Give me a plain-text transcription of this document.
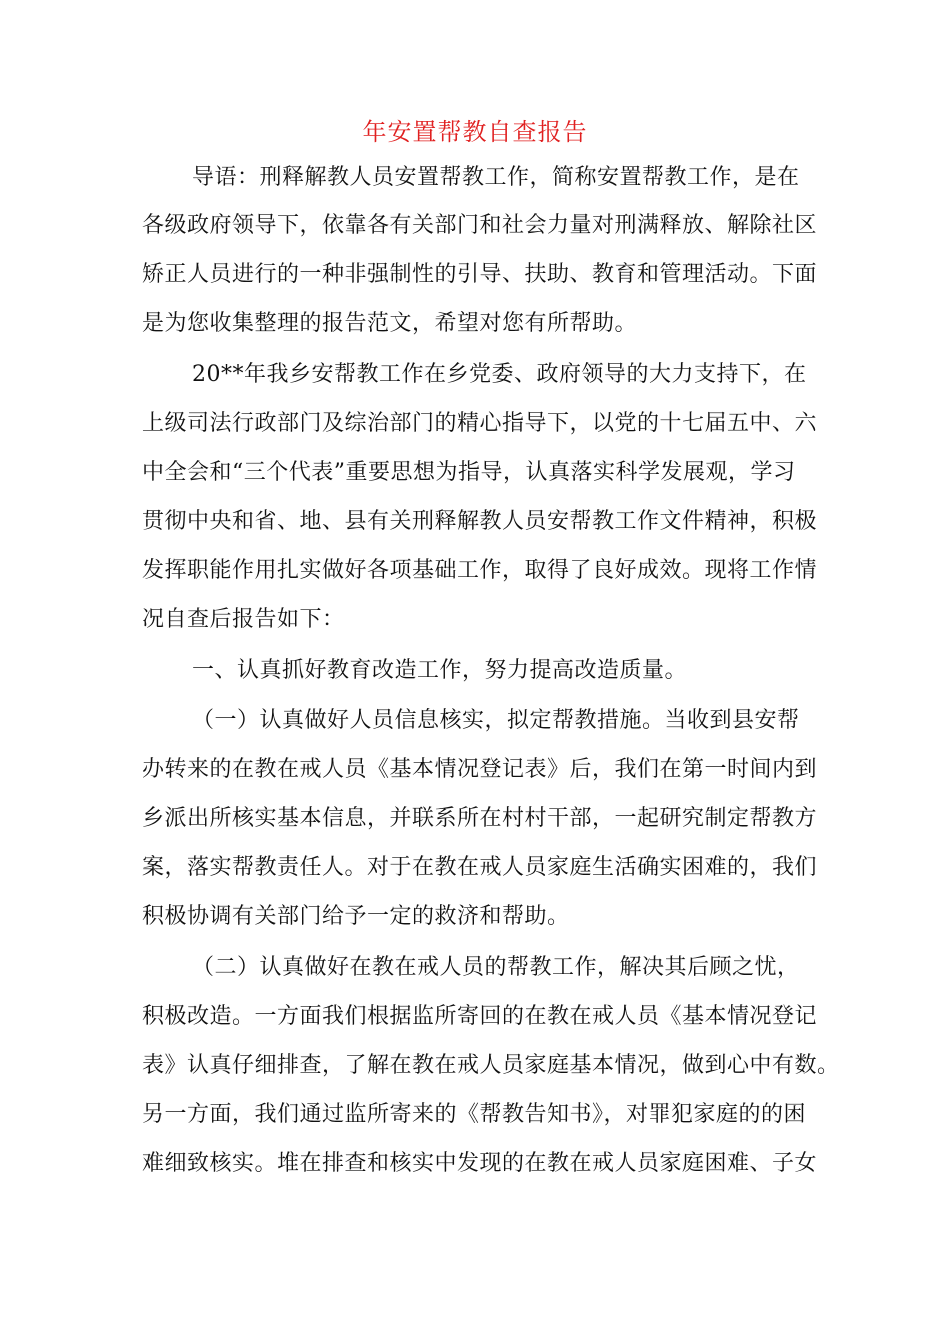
年安置帮教自查报告
导语：刑释解教人员安置帮教工作，简称安置帮教工作，是在
各级政府领导下，依靠各有关部门和社会力量对刑满释放、解除社区
矫正人员进行的一种非强制性的引导、扶助、教育和管理活动。下面
是为您收集整理的报告范文，希望对您有所帮助。
20**年我乡安帮教工作在乡党委、政府领导的大力支持下，在
上级司法行政部门及综治部门的精心指导下，以党的十七届五中、六
中全会和“三个代表”重要思想为指导，认真落实科学发展观，学习
贯彻中央和省、地、县有关刑释解教人员安帮教工作文件精神，积极
发挥职能作用扎实做好各项基础工作，取得了良好成效。现将工作情
况自查后报告如下：
一、认真抓好教育改造工作，努力提高改造质量。
（一）认真做好人员信息核实，拟定帮教措施。当收到县安帮
办转来的在教在戒人员《基本情况登记表》后，我们在第一时间内到
乡派出所核实基本信息，并联系所在村村干部，一起研究制定帮教方
案，落实帮教责任人。对于在教在戒人员家庭生活确实困难的，我们
积极协调有关部门给予一定的救济和帮助。
（二）认真做好在教在戒人员的帮教工作，解决其后顾之忧，
积极改造。一方面我们根据监所寄回的在教在戒人员《基本情况登记
表》认真仔细排查，了解在教在戒人员家庭基本情况，做到心中有数。
另一方面，我们通过监所寄来的《帮教告知书》，对罪犯家庭的的困
难细致核实。堆在排查和核实中发现的在教在戒人员家庭困难、子女
